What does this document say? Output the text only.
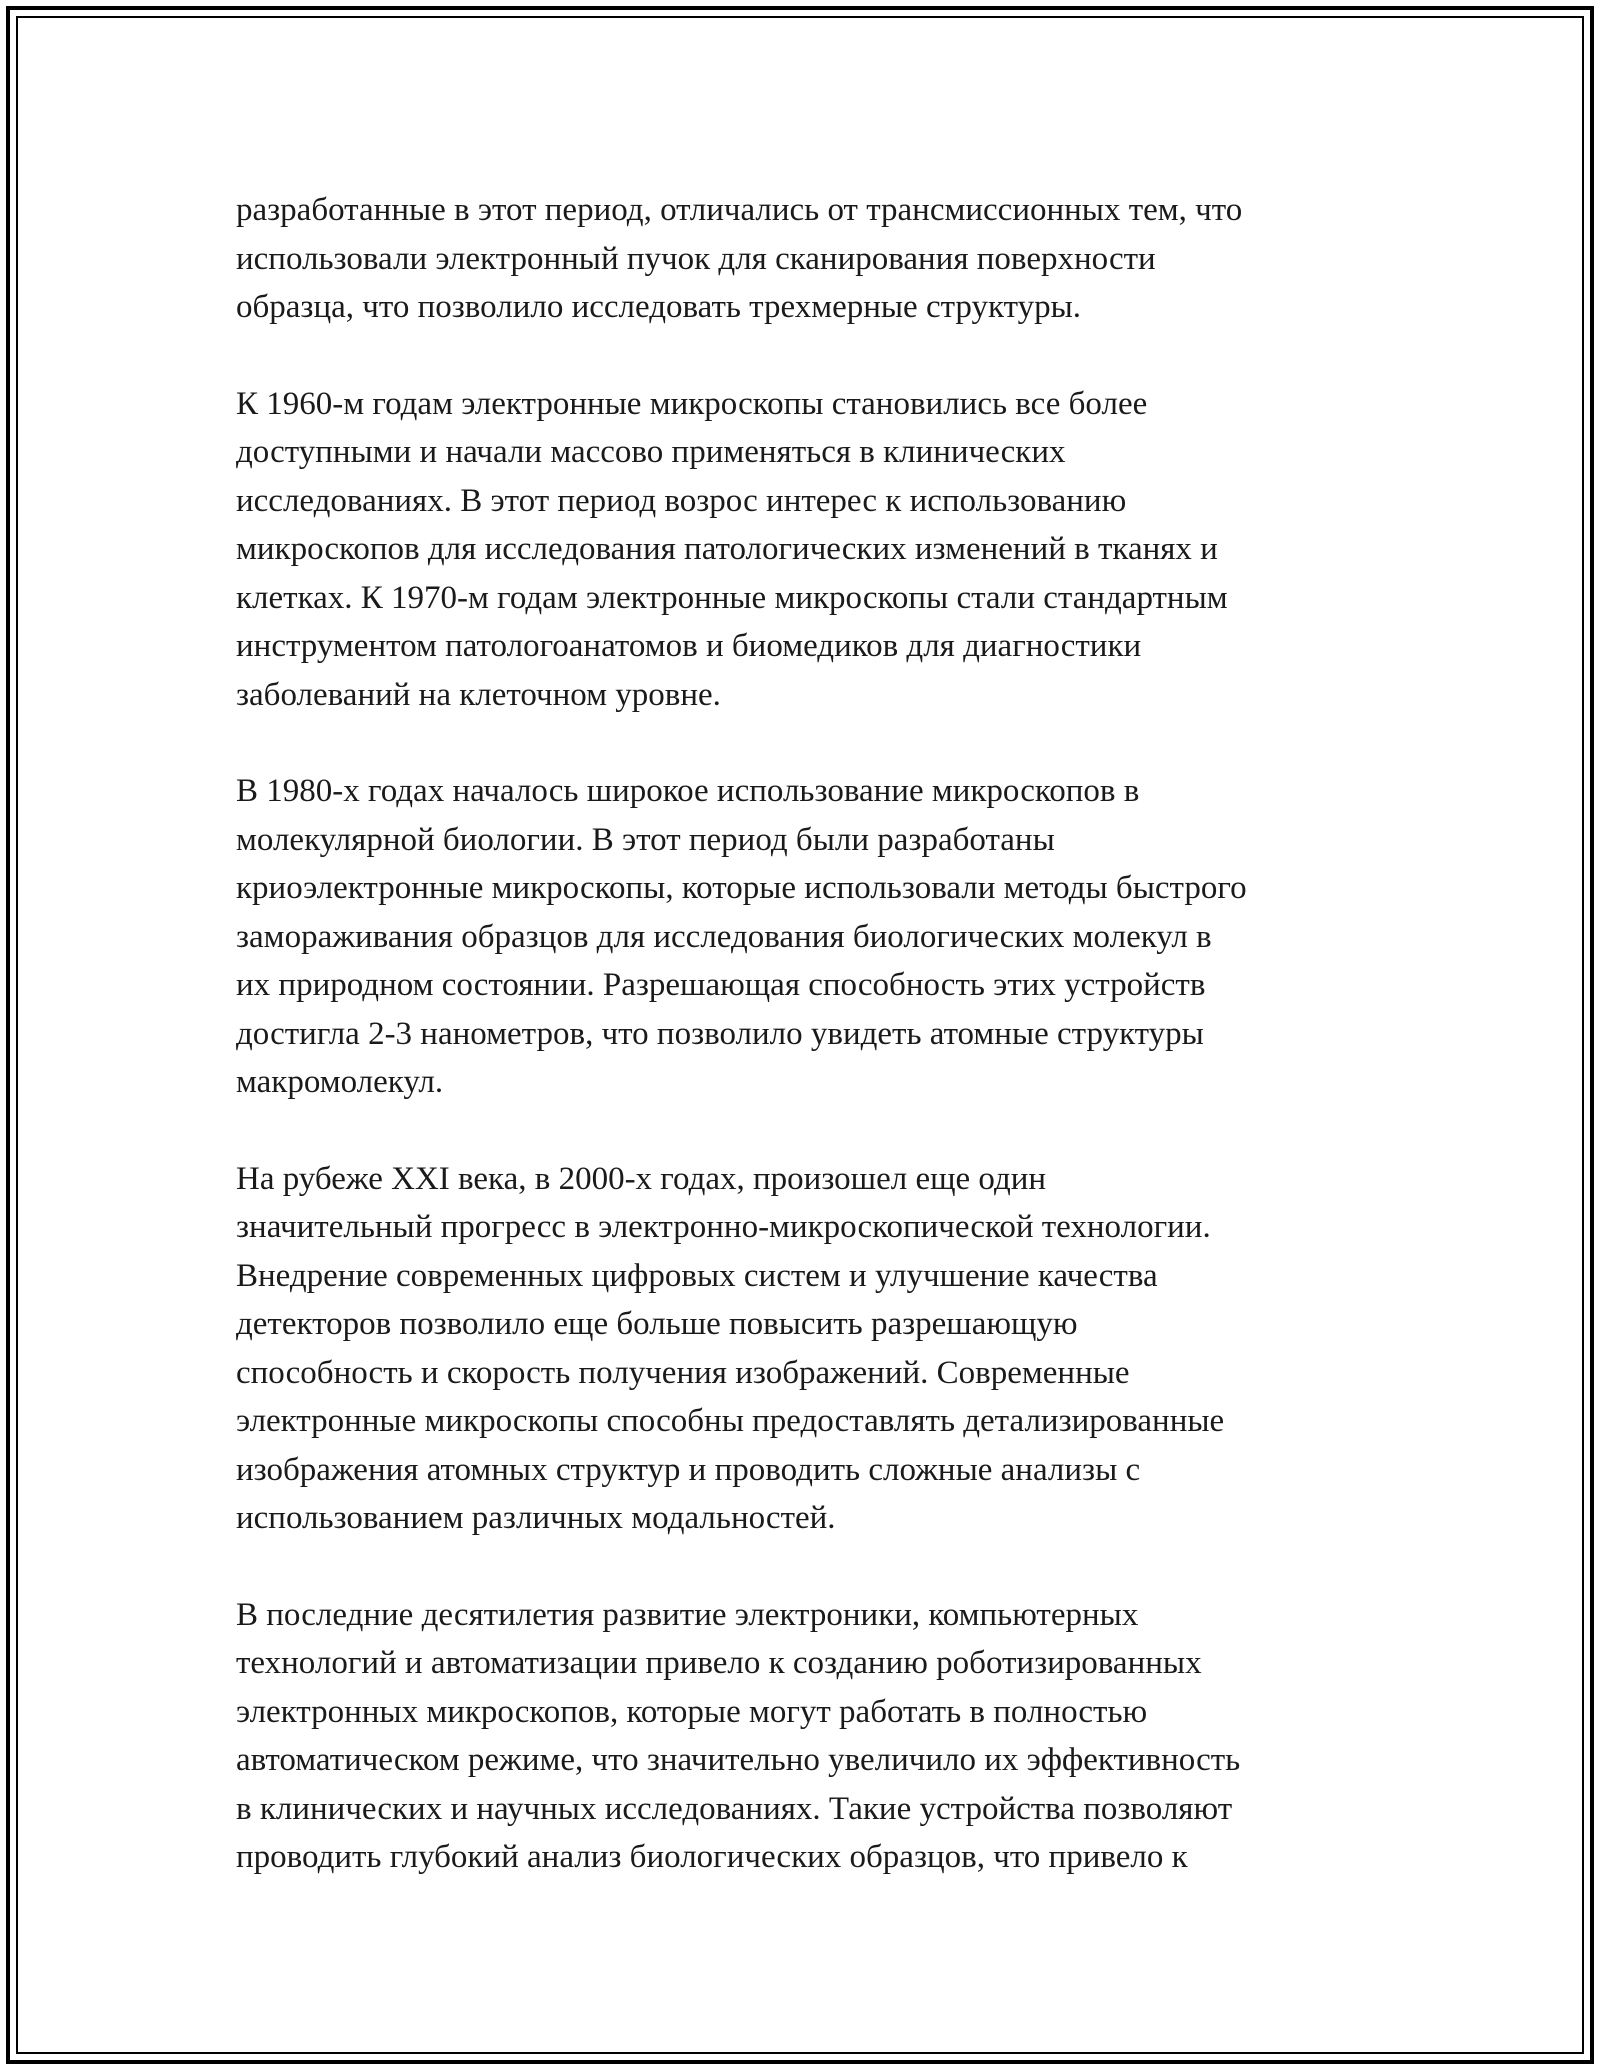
разработанные в этот период, отличались от трансмиссионных тем, что
использовали электронный пучок для сканирования поверхности
образца, что позволило исследовать трехмерные структуры.

К 1960-м годам электронные микроскопы становились все более
доступными и начали массово применяться в клинических
исследованиях. В этот период возрос интерес к использованию
микроскопов для исследования патологических изменений в тканях и
клетках. К 1970-м годам электронные микроскопы стали стандартным
инструментом патологоанатомов и биомедиков для диагностики
заболеваний на клеточном уровне.

В 1980-х годах началось широкое использование микроскопов в
молекулярной биологии. В этот период были разработаны
криоэлектронные микроскопы, которые использовали методы быстрого
замораживания образцов для исследования биологических молекул в
их природном состоянии. Разрешающая способность этих устройств
достигла 2-3 нанометров, что позволило увидеть атомные структуры
макромолекул.

На рубеже XXI века, в 2000-х годах, произошел еще один
значительный прогресс в электронно-микроскопической технологии.
Внедрение современных цифровых систем и улучшение качества
детекторов позволило еще больше повысить разрешающую
способность и скорость получения изображений. Современные
электронные микроскопы способны предоставлять детализированные
изображения атомных структур и проводить сложные анализы с
использованием различных модальностей.

В последние десятилетия развитие электроники, компьютерных
технологий и автоматизации привело к созданию роботизированных
электронных микроскопов, которые могут работать в полностью
автоматическом режиме, что значительно увеличило их эффективность
в клинических и научных исследованиях. Такие устройства позволяют
проводить глубокий анализ биологических образцов, что привело к
